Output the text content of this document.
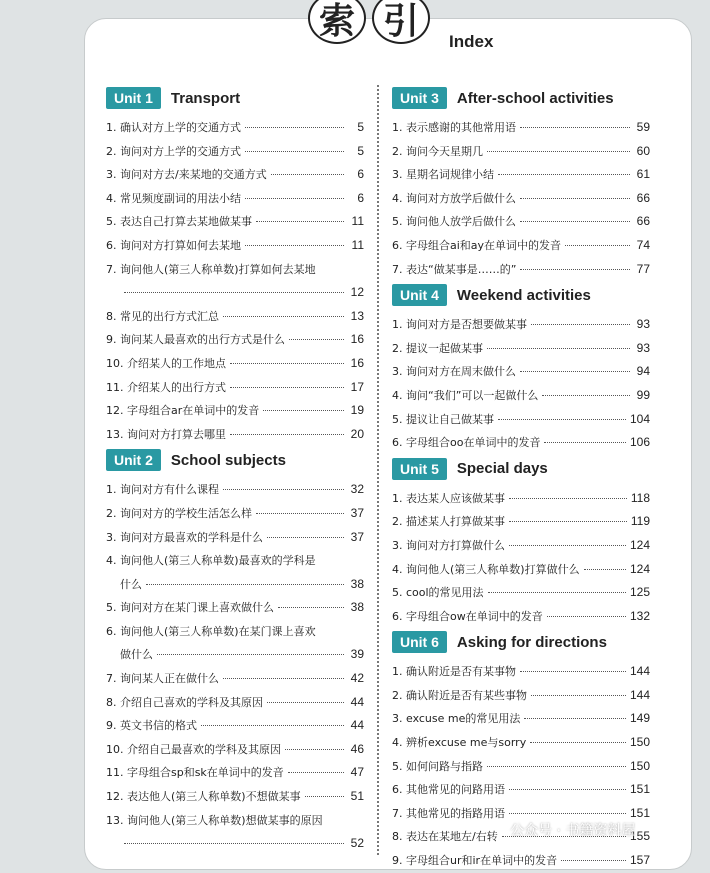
索 引	Index
Unit 1	Transport
1. 确认对方上学的交通方式	5
2. 询问对方上学的交通方式	5
3. 询问对方去/来某地的交通方式	6
4. 常见频度副词的用法小结	6
5. 表达自己打算去某地做某事	11
6. 询问对方打算如何去某地	11
7. 询问他人(第三人称单数)打算如何去某地
12
8. 常见的出行方式汇总	13
9. 询问某人最喜欢的出行方式是什么	16
10. 介绍某人的工作地点	16
11. 介绍某人的出行方式	17
12. 字母组合ar在单词中的发音	19
13. 询问对方打算去哪里	20
Unit 2	School subjects
1. 询问对方有什么课程	32
2. 询问对方的学校生活怎么样	37
3. 询问对方最喜欢的学科是什么	37
4. 询问他人(第三人称单数)最喜欢的学科是
什么	38
5. 询问对方在某门课上喜欢做什么	38
6. 询问他人(第三人称单数)在某门课上喜欢
做什么	39
7. 询问某人正在做什么	42
8. 介绍自己喜欢的学科及其原因	44
9. 英文书信的格式	44
10. 介绍自己最喜欢的学科及其原因	46
11. 字母组合sp和sk在单词中的发音	47
12. 表达他人(第三人称单数)不想做某事	51
13. 询问他人(第三人称单数)想做某事的原因
52
Unit 3	After-school activities
1. 表示感谢的其他常用语	59
2. 询问今天星期几	60
3. 星期名词规律小结	61
4. 询问对方放学后做什么	66
5. 询问他人放学后做什么	66
6. 字母组合ai和ay在单词中的发音	74
7. 表达“做某事是……的”	77
Unit 4	Weekend activities
1. 询问对方是否想要做某事	93
2. 提议一起做某事	93
3. 询问对方在周末做什么	94
4. 询问“我们”可以一起做什么	99
5. 提议让自己做某事	104
6. 字母组合oo在单词中的发音	106
Unit 5	Special days
1. 表达某人应该做某事	118
2. 描述某人打算做某事	119
3. 询问对方打算做什么	124
4. 询问他人(第三人称单数)打算做什么	124
5. cool的常见用法	125
6. 字母组合ow在单词中的发音	132
Unit 6	Asking for directions
1. 确认附近是否有某事物	144
2. 确认附近是否有某些事物	144
3. excuse me的常见用法	149
4. 辨析excuse me与sorry	150
5. 如何问路与指路	150
6. 其他常见的问路用语	151
7. 其他常见的指路用语	151
8. 表达在某地左/右转	155
9. 字母组合ur和ir在单词中的发音	157
公众号 · 书籍资料屋
